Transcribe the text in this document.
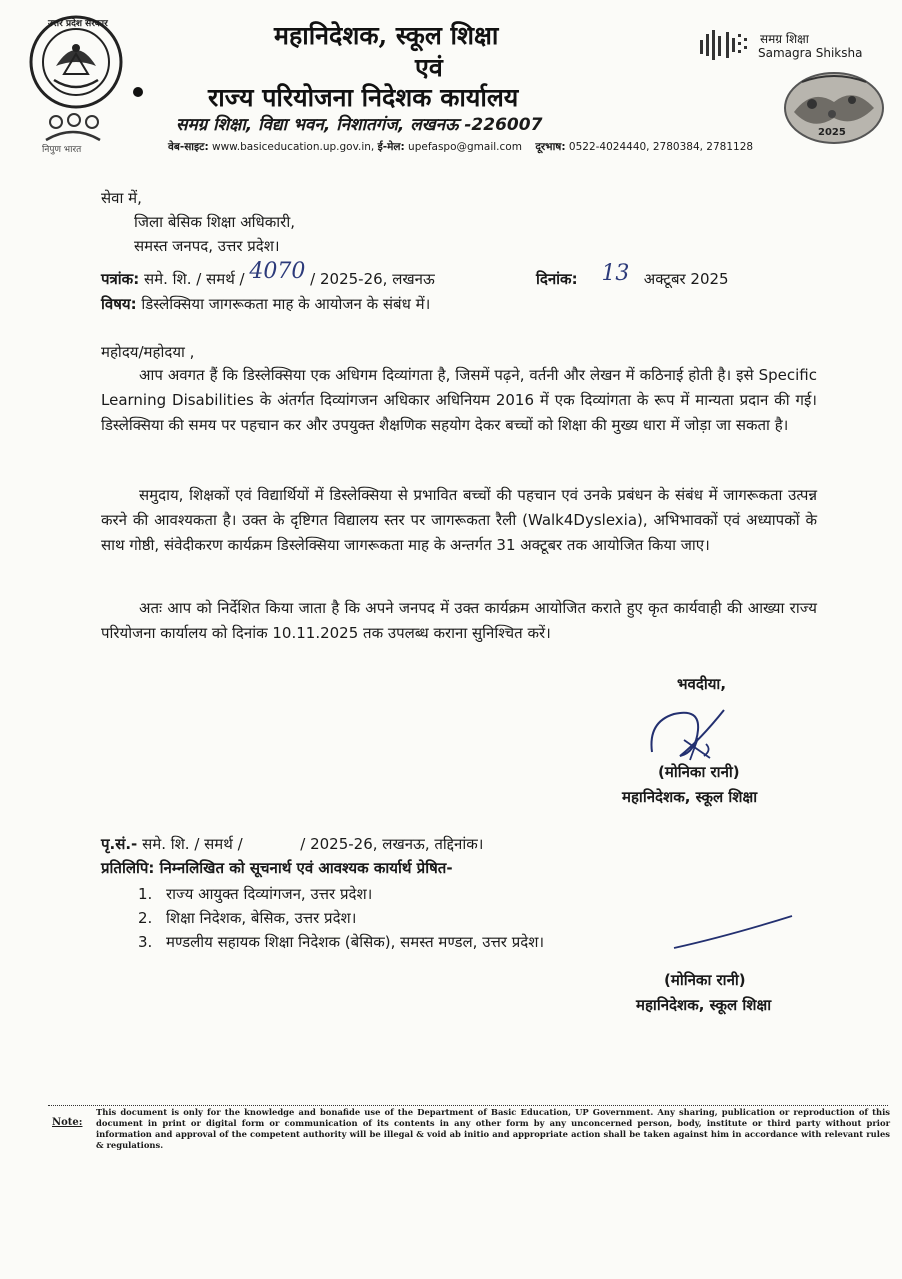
उत्तर प्रदेश सरकार
निपुण भारत
महानिदेशक, स्कूल शिक्षा
एवं
राज्य परियोजना निदेशक कार्यालय
समग्र शिक्षा, विद्या भवन, निशातगंज, लखनऊ -226007
वेब-साइट: www.basiceducation.up.gov.in, ई-मेल: upefaspo@gmail.com दूरभाष: 0522-4024440, 2780384, 2781128
समग्र शिक्षा
Samagra Shiksha
2025
सेवा में,
जिला बेसिक शिक्षा अधिकारी,
समस्त जनपद, उत्तर प्रदेश।
पत्रांक: समे. शि. / समर्थ / 4070 / 2025-26, लखनऊ	दिनांक: 13 अक्टूबर 2025
विषय: डिस्लेक्सिया जागरूकता माह के आयोजन के संबंध में।
महोदय/महोदया ,
आप अवगत हैं कि डिस्लेक्सिया एक अधिगम दिव्यांगता है, जिसमें पढ़ने, वर्तनी और लेखन में कठिनाई होती है। इसे Specific Learning Disabilities के अंतर्गत दिव्यांगजन अधिकार अधिनियम 2016 में एक दिव्यांगता के रूप में मान्यता प्रदान की गई। डिस्लेक्सिया की समय पर पहचान कर और उपयुक्त शैक्षणिक सहयोग देकर बच्चों को शिक्षा की मुख्य धारा में जोड़ा जा सकता है।
समुदाय, शिक्षकों एवं विद्यार्थियों में डिस्लेक्सिया से प्रभावित बच्चों की पहचान एवं उनके प्रबंधन के संबंध में जागरूकता उत्पन्न करने की आवश्यकता है। उक्त के दृष्टिगत विद्यालय स्तर पर जागरूकता रैली (Walk4Dyslexia), अभिभावकों एवं अध्यापकों के साथ गोष्ठी, संवेदीकरण कार्यक्रम डिस्लेक्सिया जागरूकता माह के अन्तर्गत 31 अक्टूबर तक आयोजित किया जाए।
अतः आप को निर्देशित किया जाता है कि अपने जनपद में उक्त कार्यक्रम आयोजित कराते हुए कृत कार्यवाही की आख्या राज्य परियोजना कार्यालय को दिनांक 10.11.2025 तक उपलब्ध कराना सुनिश्चित करें।
भवदीया,
(मोनिका रानी)
महानिदेशक, स्कूल शिक्षा
पृ.सं.- समे. शि. / समर्थ /	/ 2025-26, लखनऊ, तद्दिनांक।
प्रतिलिपि: निम्नलिखित को सूचनार्थ एवं आवश्यक कार्यार्थ प्रेषित-
1. राज्य आयुक्त दिव्यांगजन, उत्तर प्रदेश।
2. शिक्षा निदेशक, बेसिक, उत्तर प्रदेश।
3. मण्डलीय सहायक शिक्षा निदेशक (बेसिक), समस्त मण्डल, उत्तर प्रदेश।
(मोनिका रानी)
महानिदेशक, स्कूल शिक्षा
Note:
This document is only for the knowledge and bonafide use of the Department of Basic Education, UP Government. Any sharing, publication or reproduction of this document in print or digital form or communication of its contents in any other form by any unconcerned person, body, institute or third party without prior information and approval of the competent authority will be illegal & void ab initio and appropriate action shall be taken against him in accordance with relevant rules & regulations.
